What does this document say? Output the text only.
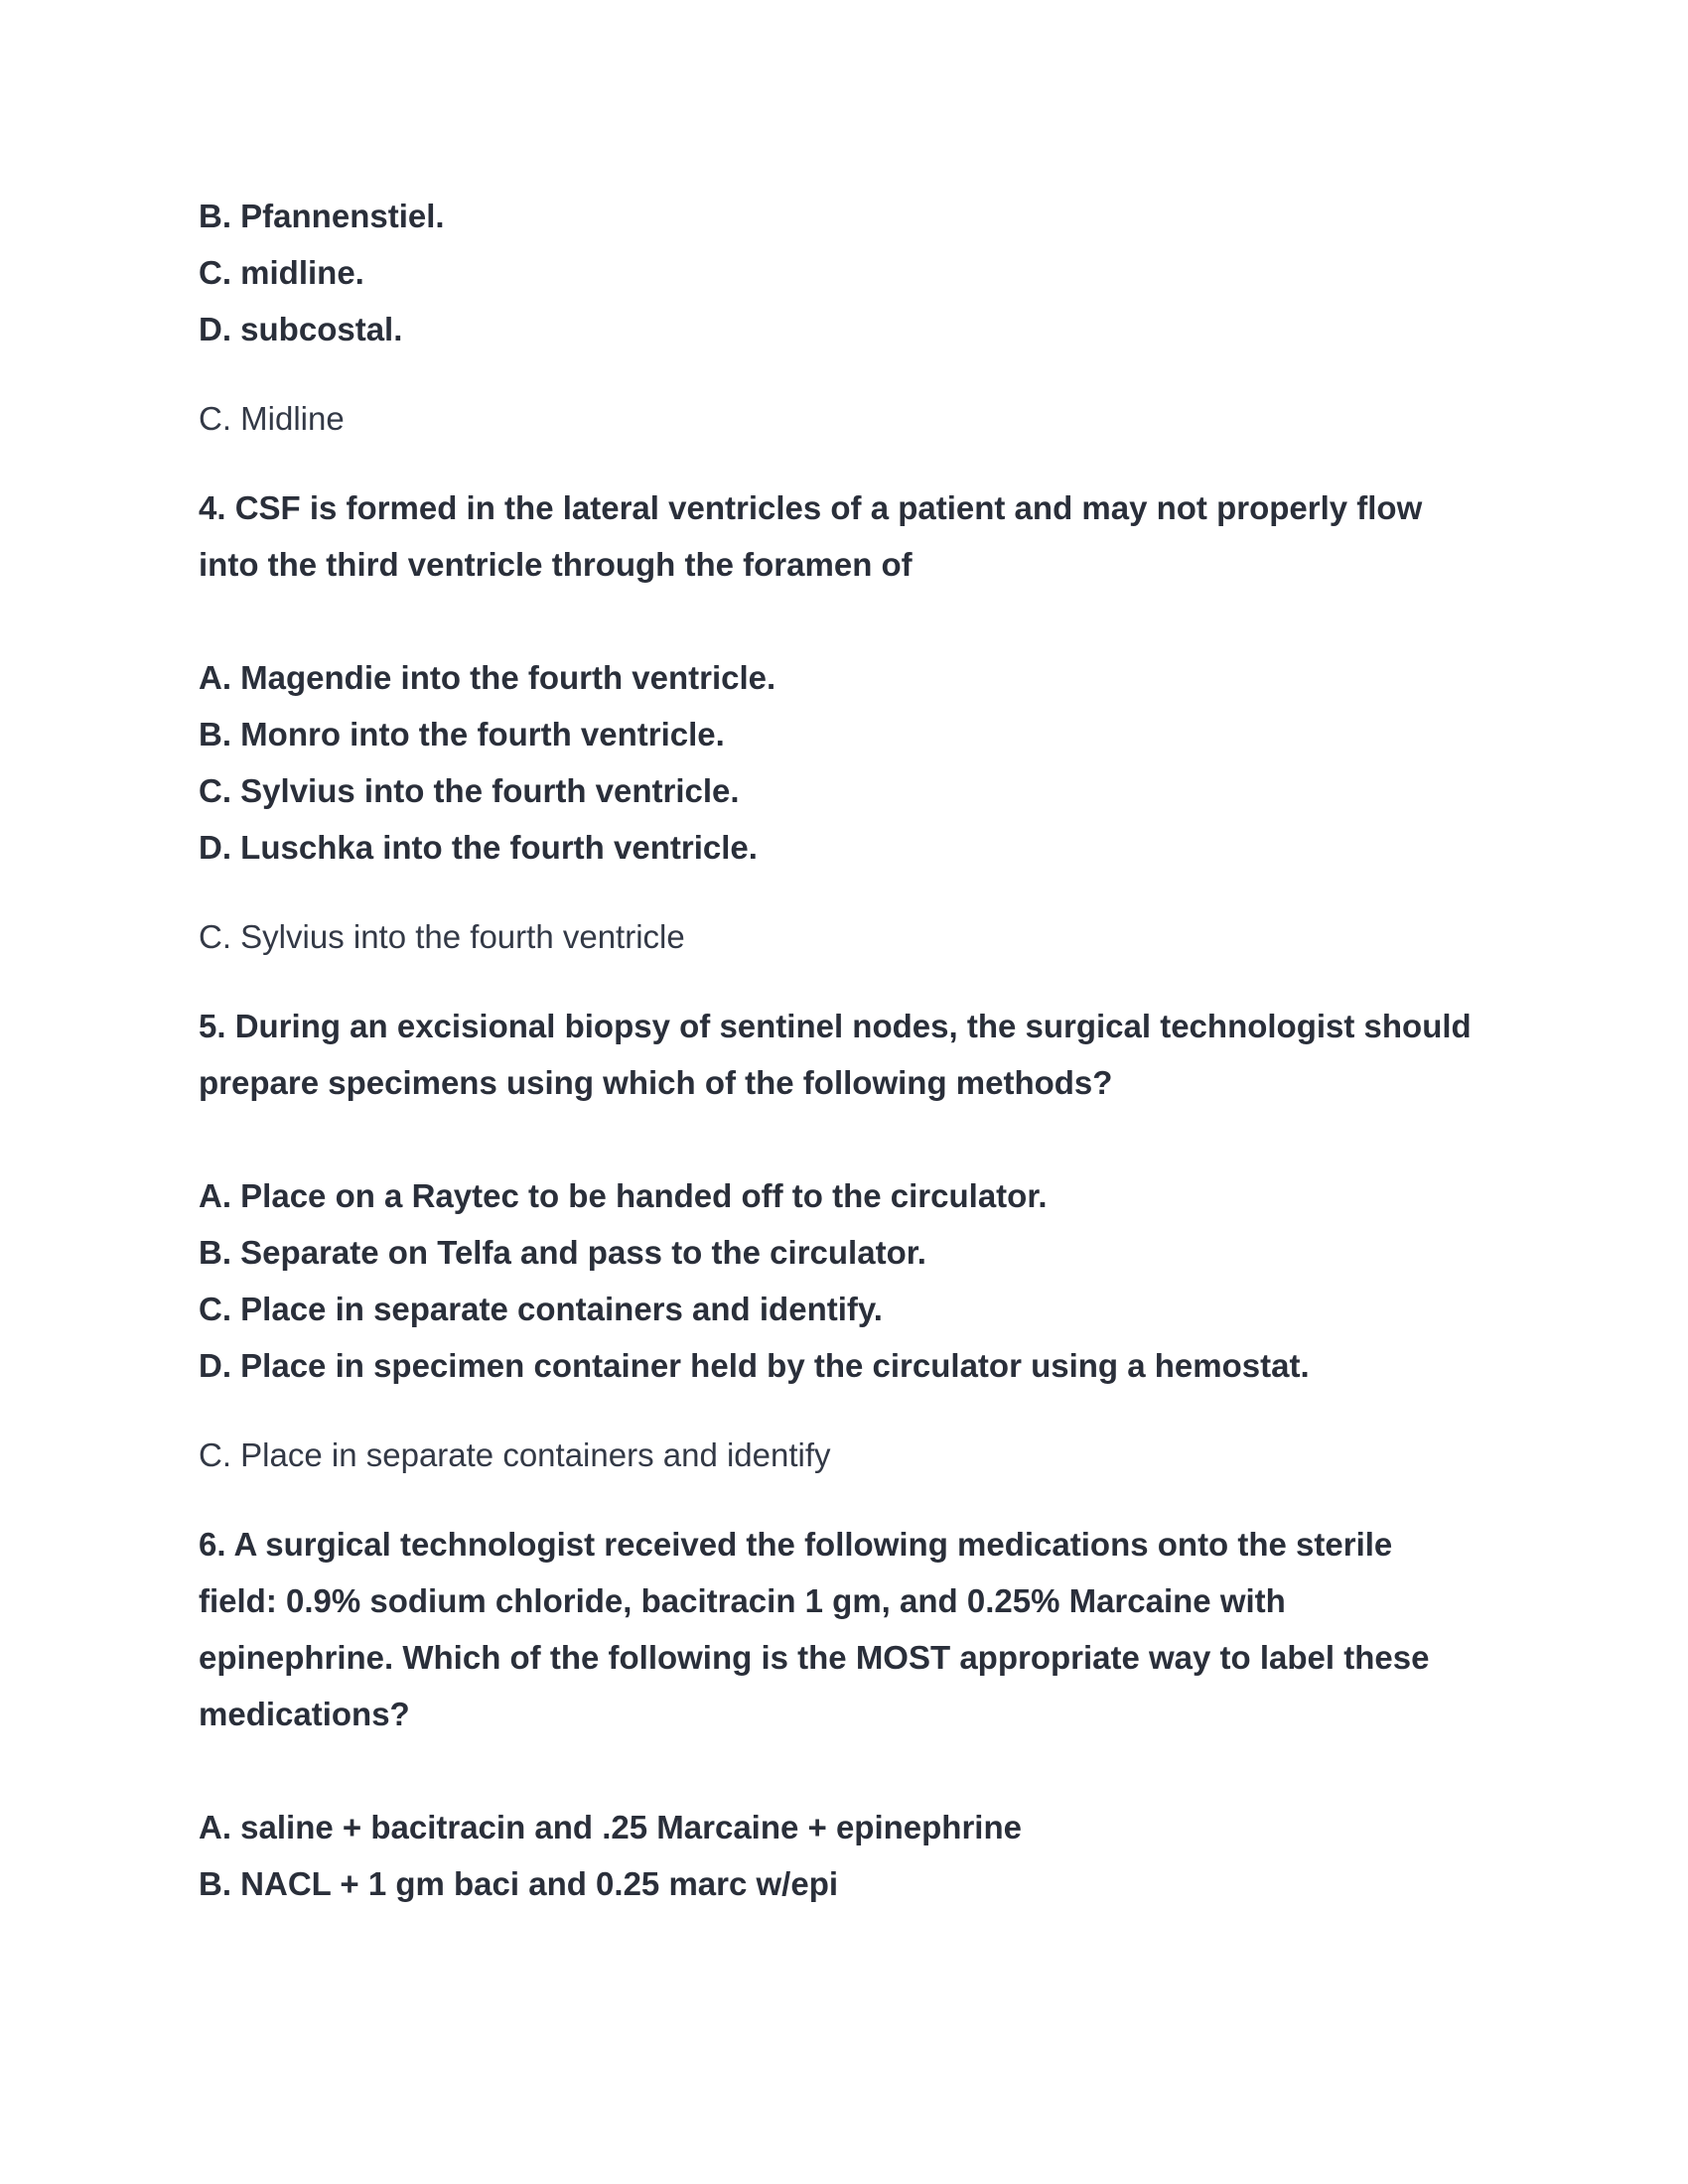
B. Pfannenstiel.

C. midline.

D. subcostal.

C. Midline

4. CSF is formed in the lateral ventricles of a patient and may not properly flow

into the third ventricle through the foramen of

A. Magendie into the fourth ventricle.

B. Monro into the fourth ventricle.

C. Sylvius into the fourth ventricle.

D. Luschka into the fourth ventricle.

C. Sylvius into the fourth ventricle

5. During an excisional biopsy of sentinel nodes, the surgical technologist should

prepare specimens using which of the following methods?

A. Place on a Raytec to be handed off to the circulator.

B. Separate on Telfa and pass to the circulator.

C. Place in separate containers and identify.

D. Place in specimen container held by the circulator using a hemostat.

C. Place in separate containers and identify

6. A surgical technologist received the following medications onto the sterile

field: 0.9% sodium chloride, bacitracin 1 gm, and 0.25% Marcaine with

epinephrine. Which of the following is the MOST appropriate way to label these

medications?

A. saline + bacitracin and .25 Marcaine + epinephrine

B. NACL + 1 gm baci and 0.25 marc w/epi
